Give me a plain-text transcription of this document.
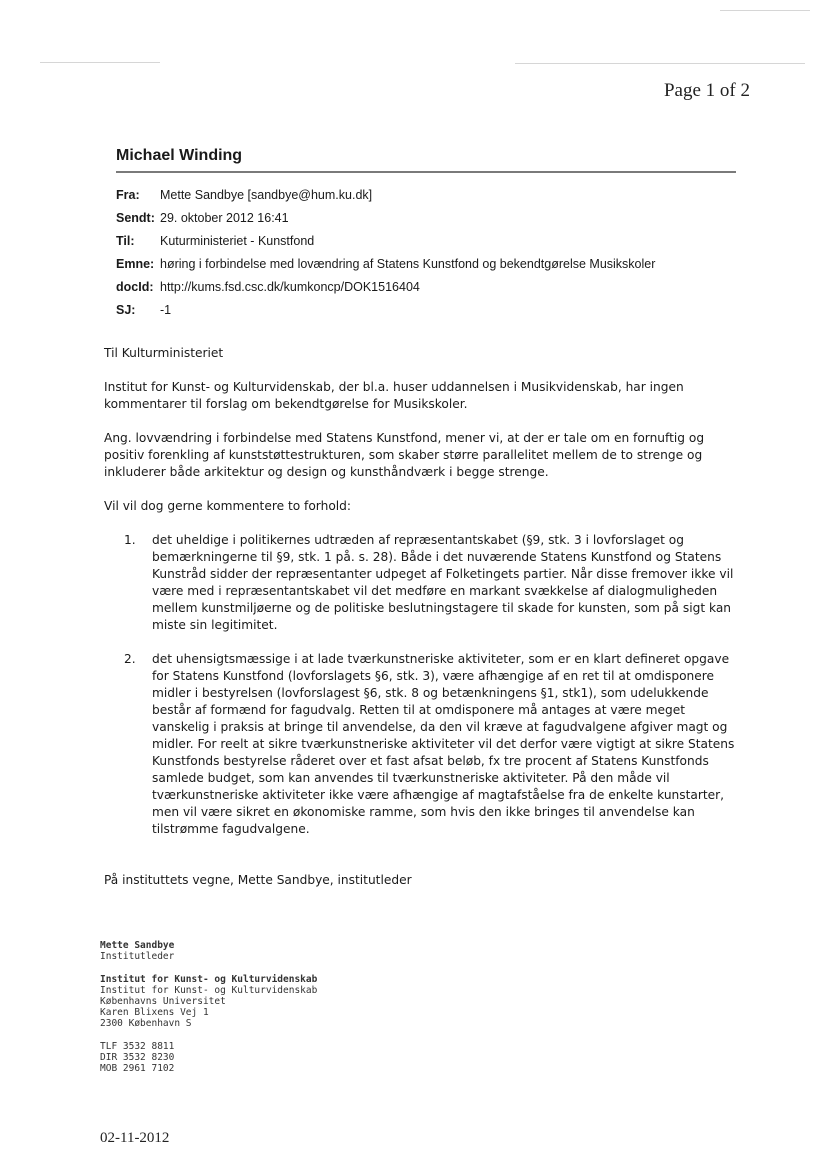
Page 1 of 2
Michael Winding
Fra:	Mette Sandbye [sandbye@hum.ku.dk]
Sendt: 29. oktober 2012 16:41
Til:	Kuturministeriet - Kunstfond
Emne: høring i forbindelse med lovændring af Statens Kunstfond og bekendtgørelse Musikskoler
docId: http://kums.fsd.csc.dk/kumkoncp/DOK1516404
SJ:	-1

Til Kulturministeriet

Institut for Kunst- og Kulturvidenskab, der bl.a. huser uddannelsen i Musikvidenskab, har ingen kommentarer til forslag om bekendtgørelse for Musikskoler.

Ang. lovvændring i forbindelse med Statens Kunstfond, mener vi, at der er tale om en fornuftig og positiv forenkling af kunststøttestrukturen, som skaber større parallelitet mellem de to strenge og inkluderer både arkitektur og design og kunsthåndværk i begge strenge.

Vil vil dog gerne kommentere to forhold:

1.	det uheldige i politikernes udtræden af repræsentantskabet (§9, stk. 3 i lovforslaget og bemærkningerne til §9, stk. 1 på. s. 28). Både i det nuværende Statens Kunstfond og Statens Kunstråd sidder der repræsentanter udpeget af Folketingets partier. Når disse fremover ikke vil være med i repræsentantskabet vil det medføre en markant svækkelse af dialogmuligheden mellem kunstmiljøerne og de politiske beslutningstagere til skade for kunsten, som på sigt kan miste sin legitimitet.
2.	det uhensigtsmæssige i at lade tværkunstneriske aktiviteter, som er en klart defineret opgave for Statens Kunstfond (lovforslagets §6, stk. 3), være afhængige af en ret til at omdisponere midler i bestyrelsen (lovforslagest §6, stk. 8 og betænkningens §1, stk1), som udelukkende består af formænd for fagudvalg. Retten til at omdisponere må antages at være meget vanskelig i praksis at bringe til anvendelse, da den vil kræve at fagudvalgene afgiver magt og midler. For reelt at sikre tværkunstneriske aktiviteter vil det derfor være vigtigt at sikre Statens Kunstfonds bestyrelse råderet over et fast afsat beløb, fx tre procent af Statens Kunstfonds samlede budget, som kan anvendes til tværkunstneriske aktiviteter. På den måde vil tværkunstneriske aktiviteter ikke være afhængige af magtafståelse fra de enkelte kunstarter, men vil være sikret en økonomiske ramme, som hvis den ikke bringes til anvendelse kan tilstrømme fagudvalgene.

På instituttets vegne, Mette Sandbye, institutleder

Mette Sandbye
Institutleder
Institut for Kunst- og Kulturvidenskab
Institut for Kunst- og Kulturvidenskab
Københavns Universitet
Karen Blixens Vej 1
2300 København S
TLF 3532 8811
DIR 3532 8230
MOB 2961 7102
02-11-2012
